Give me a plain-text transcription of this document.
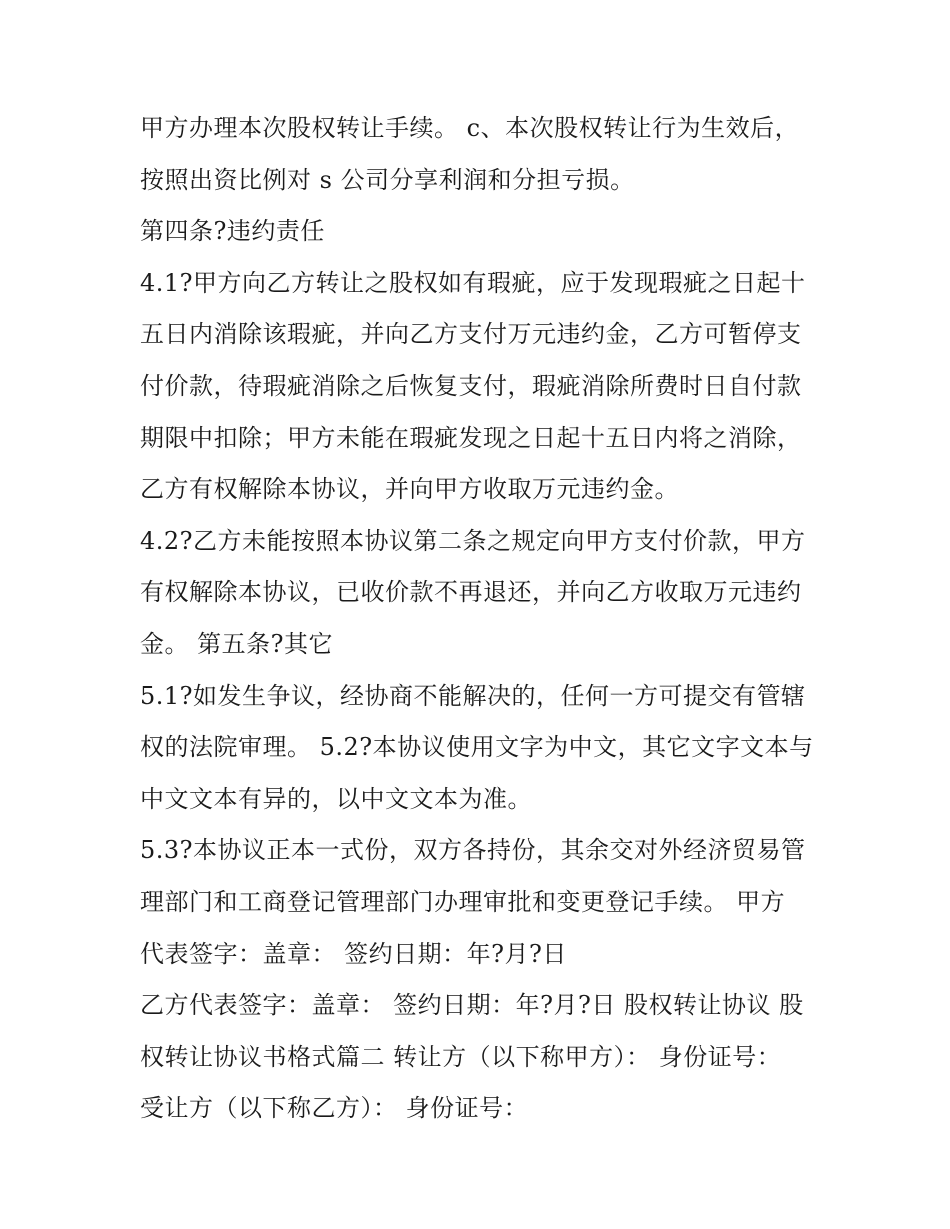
甲方办理本次股权转让手续。 c、本次股权转让行为生效后，
按照出资比例对 s 公司分享利润和分担亏损。
第四条?违约责任
4.1?甲方向乙方转让之股权如有瑕疵，应于发现瑕疵之日起十
五日内消除该瑕疵，并向乙方支付万元违约金，乙方可暂停支
付价款，待瑕疵消除之后恢复支付，瑕疵消除所费时日自付款
期限中扣除；甲方未能在瑕疵发现之日起十五日内将之消除，
乙方有权解除本协议，并向甲方收取万元违约金。
4.2?乙方未能按照本协议第二条之规定向甲方支付价款，甲方
有权解除本协议，已收价款不再退还，并向乙方收取万元违约
金。 第五条?其它
5.1?如发生争议，经协商不能解决的，任何一方可提交有管辖
权的法院审理。 5.2?本协议使用文字为中文，其它文字文本与
中文文本有异的，以中文文本为准。
5.3?本协议正本一式份，双方各持份，其余交对外经济贸易管
理部门和工商登记管理部门办理审批和变更登记手续。 甲方
代表签字：盖章： 签约日期：年?月?日
乙方代表签字：盖章： 签约日期：年?月?日 股权转让协议 股
权转让协议书格式篇二 转让方（以下称甲方）： 身份证号：
受让方（以下称乙方）： 身份证号：
